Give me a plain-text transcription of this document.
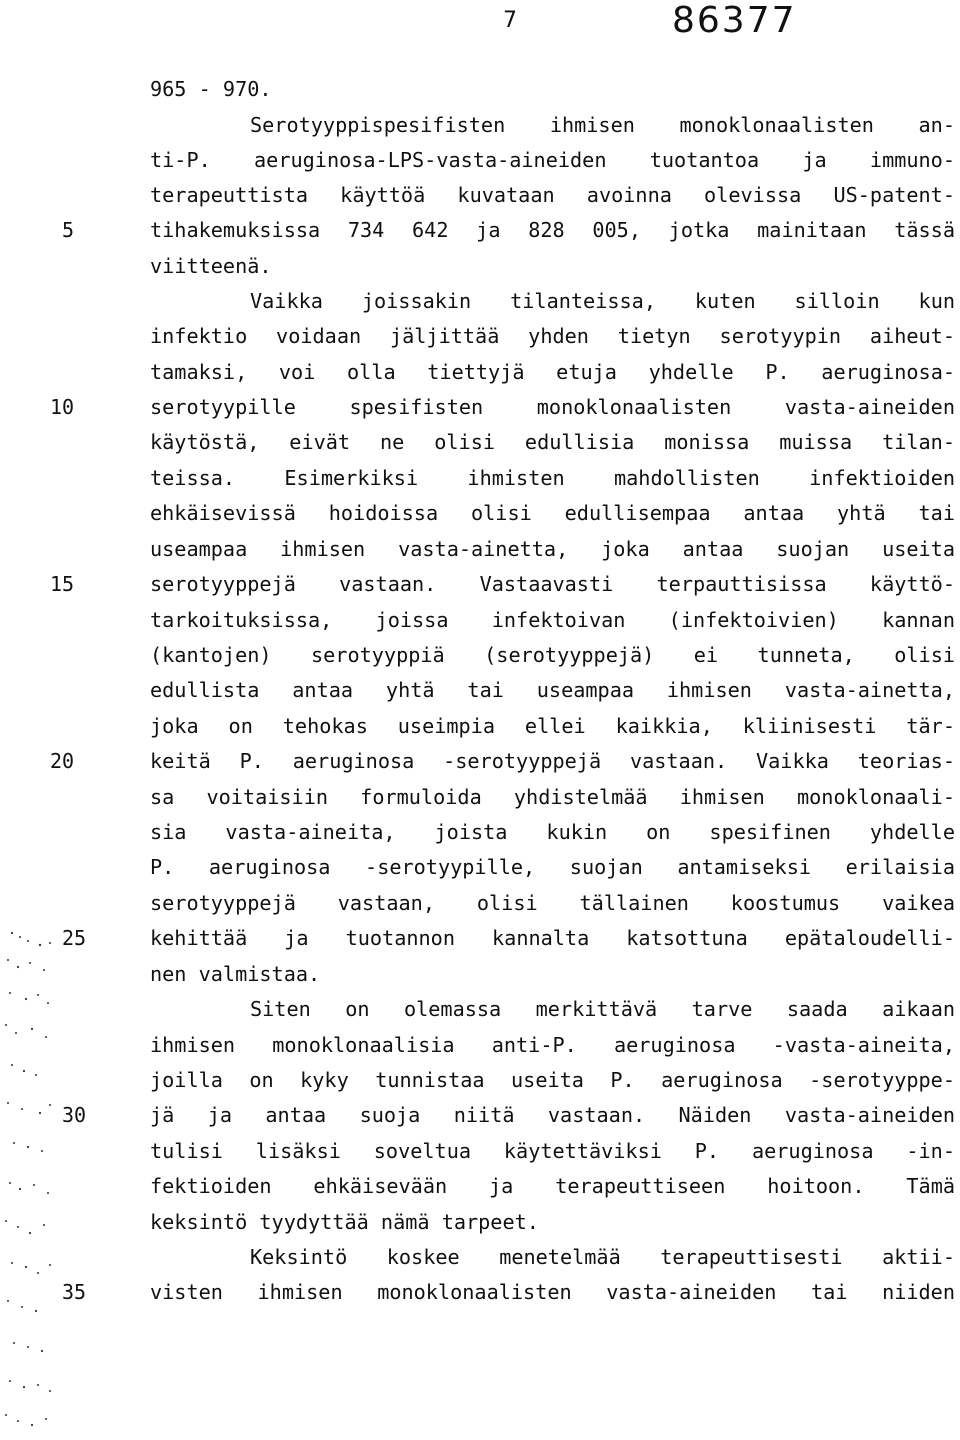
7	86377
965 - 970.
Serotyyppispesifisten ihmisen monoklonaalisten an-
ti-P. aeruginosa-LPS-vasta-aineiden tuotantoa ja immuno-
terapeuttista käyttöä kuvataan avoinna olevissa US-patent-
tihakemuksissa 734 642 ja 828 005, jotka mainitaan tässä
viitteenä.
Vaikka joissakin tilanteissa, kuten silloin kun
infektio voidaan jäljittää yhden tietyn serotyypin aiheut-
tamaksi, voi olla tiettyjä etuja yhdelle P. aeruginosa-
serotyypille spesifisten monoklonaalisten vasta-aineiden
käytöstä, eivät ne olisi edullisia monissa muissa tilan-
teissa. Esimerkiksi ihmisten mahdollisten infektioiden
ehkäisevissä hoidoissa olisi edullisempaa antaa yhtä tai
useampaa ihmisen vasta-ainetta, joka antaa suojan useita
serotyyppejä vastaan. Vastaavasti terpauttisissa käyttö-
tarkoituksissa, joissa infektoivan (infektoivien) kannan
(kantojen) serotyyppiä (serotyyppejä) ei tunneta, olisi
edullista antaa yhtä tai useampaa ihmisen vasta-ainetta,
joka on tehokas useimpia ellei kaikkia, kliinisesti tär-
keitä P. aeruginosa -serotyyppejä vastaan. Vaikka teorias-
sa voitaisiin formuloida yhdistelmää ihmisen monoklonaali-
sia vasta-aineita, joista kukin on spesifinen yhdelle
P. aeruginosa -serotyypille, suojan antamiseksi erilaisia
serotyyppejä vastaan, olisi tällainen koostumus vaikea
kehittää ja tuotannon kannalta katsottuna epätaloudelli-
nen valmistaa.
Siten on olemassa merkittävä tarve saada aikaan
ihmisen monoklonaalisia anti-P. aeruginosa -vasta-aineita,
joilla on kyky tunnistaa useita P. aeruginosa -serotyyppe-
jä ja antaa suoja niitä vastaan. Näiden vasta-aineiden
tulisi lisäksi soveltua käytettäviksi P. aeruginosa -in-
fektioiden ehkäisevään ja terapeuttiseen hoitoon. Tämä
keksintö tyydyttää nämä tarpeet.
Keksintö koskee menetelmää terapeuttisesti aktii-
visten ihmisen monoklonaalisten vasta-aineiden tai niiden
5
10
15
20
25
30
35
